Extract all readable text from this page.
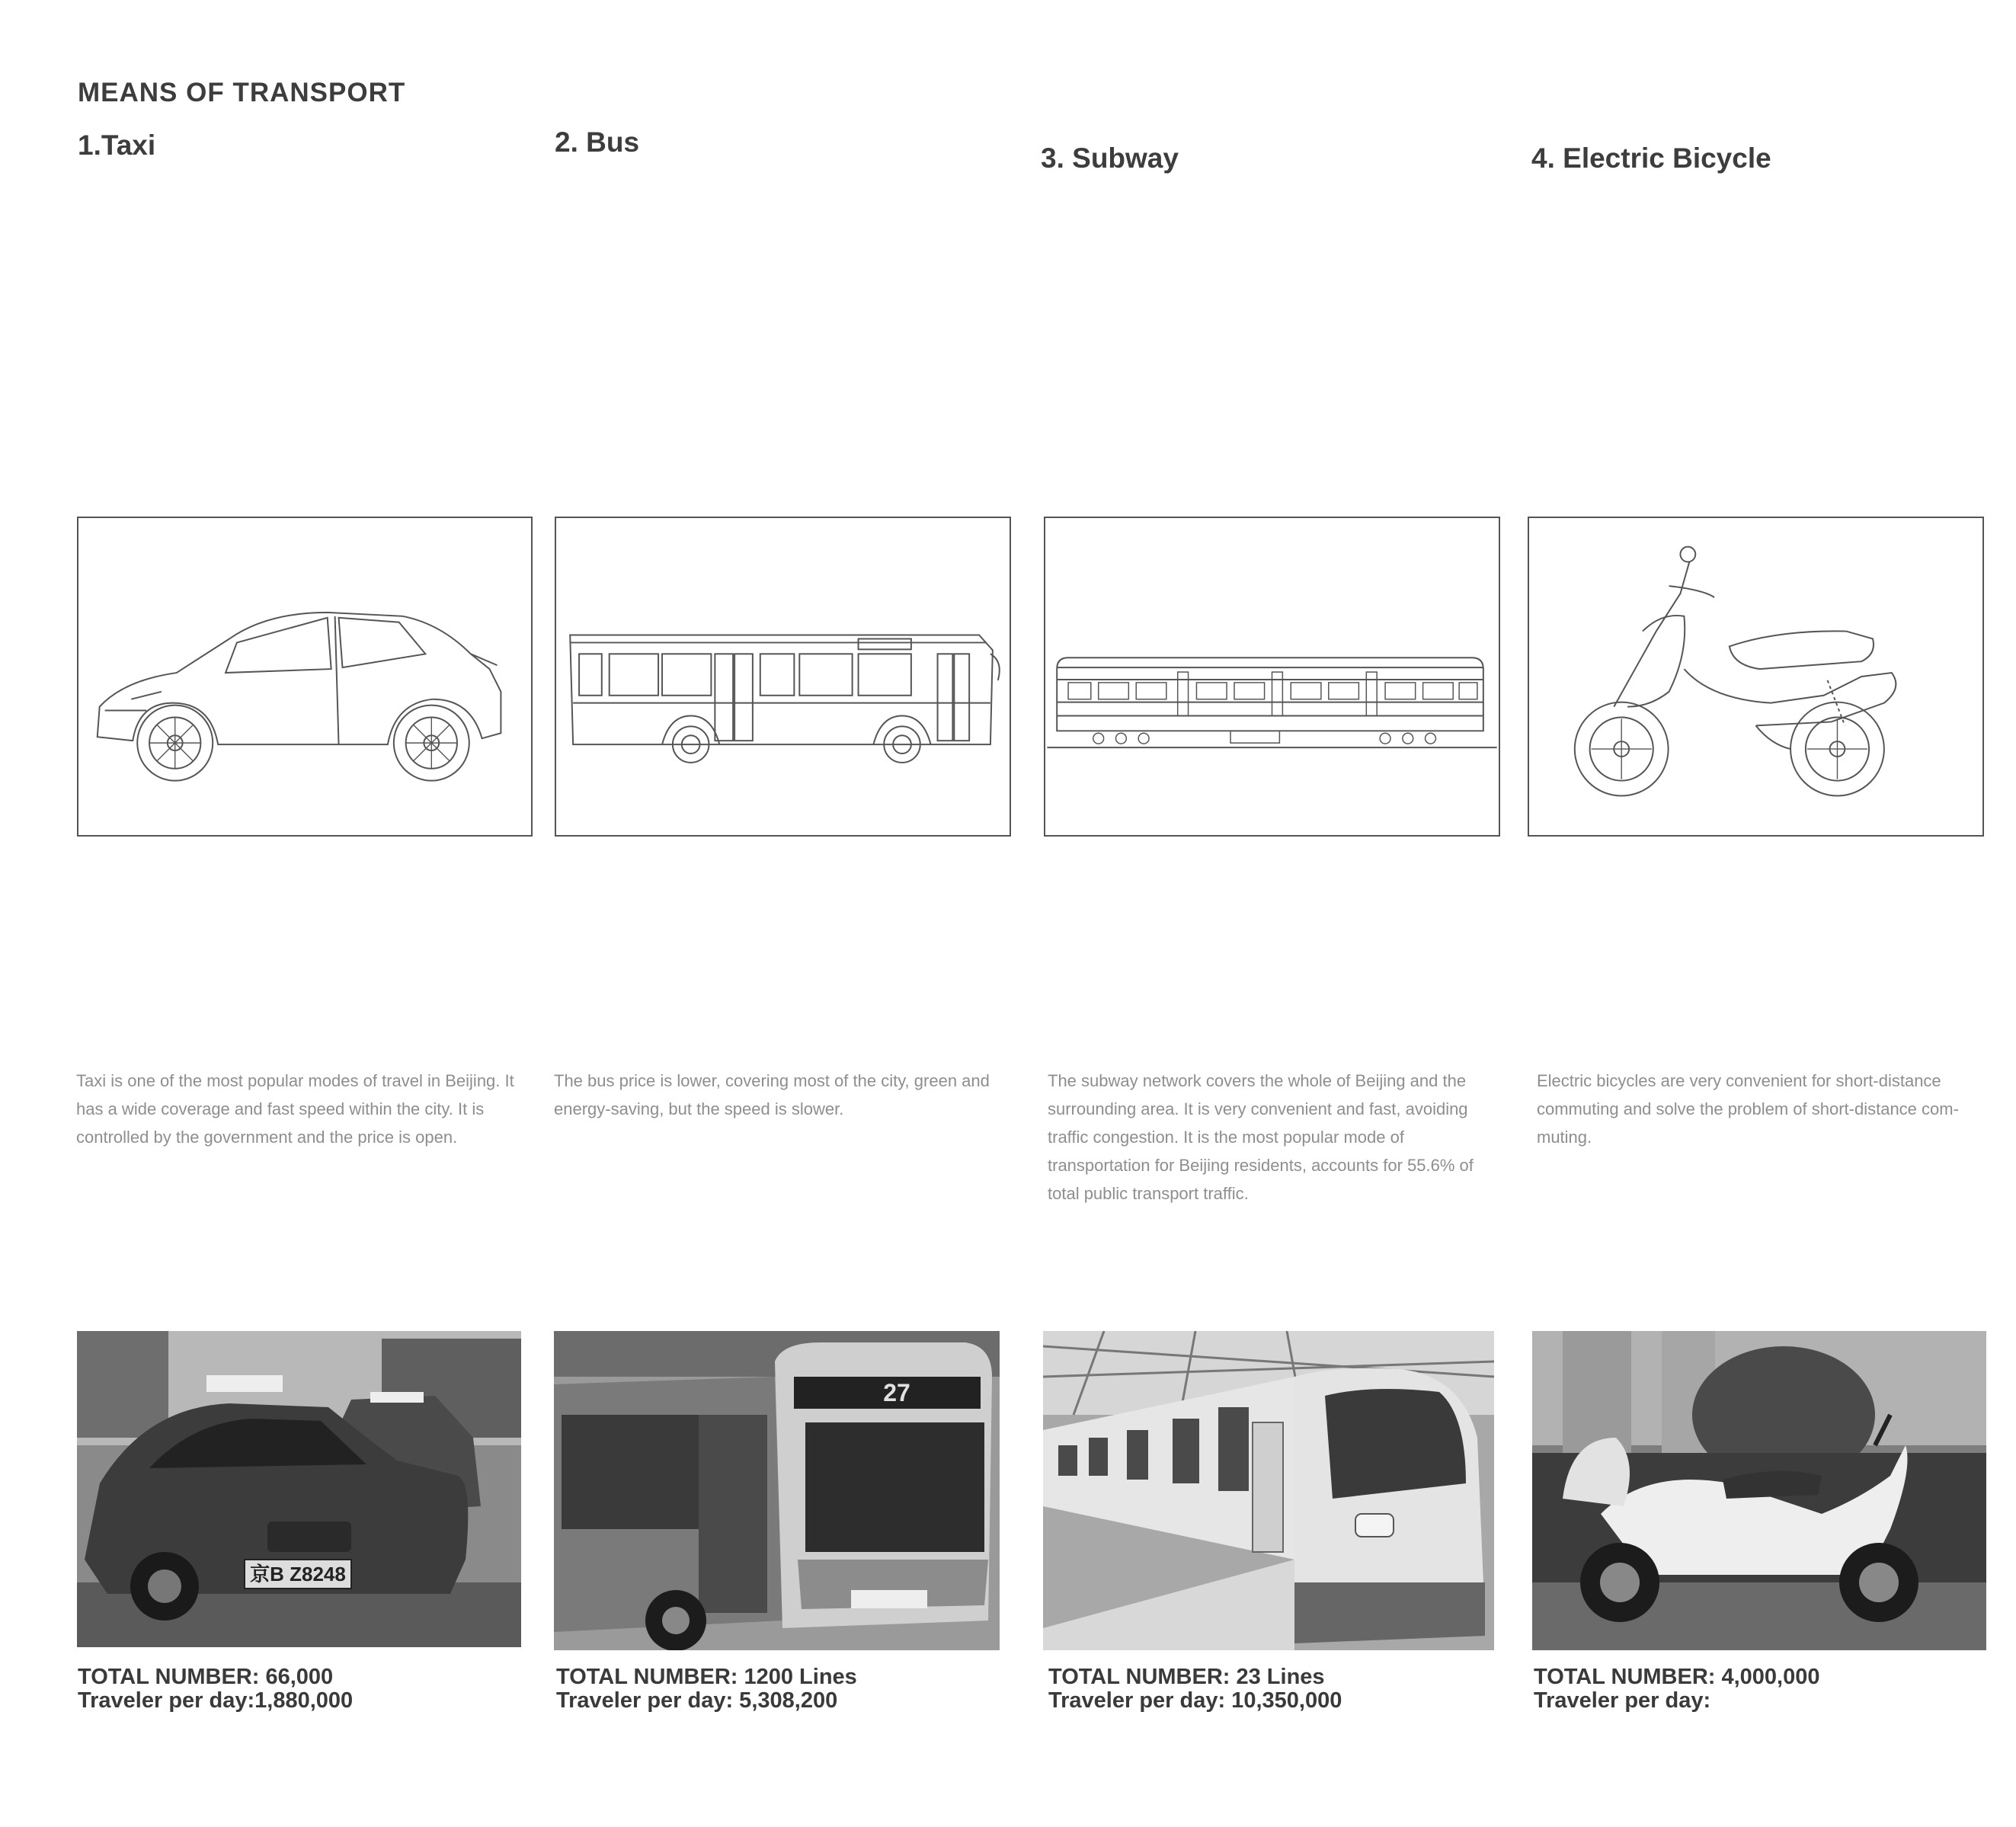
MEANS OF TRANSPORT
1.Taxi	2. Bus
3. Subway	4. Electric Bicycle
Taxi is one of the most popular modes of travel in Beijing. It has a wide coverage and fast speed within the city. It is controlled by the government and the price is open.
The bus price is lower, covering most of the city, green and energy-saving, but the speed is slower.
The subway network covers the whole of Beijing and the surrounding area. It is very convenient and fast, avoiding traffic congestion. It is the most popular mode of transportation for Beijing residents, accounts for 55.6% of total public transport traffic.
Electric bicycles are very convenient for short-distance commuting and solve the problem of short-distance com-muting.
京B Z8248
27
TOTAL NUMBER: 66,000
Traveler per day:1,880,000
TOTAL NUMBER: 1200 Lines
Traveler per day: 5,308,200
TOTAL NUMBER: 23 Lines
Traveler per day: 10,350,000
TOTAL NUMBER: 4,000,000
Traveler per day:
